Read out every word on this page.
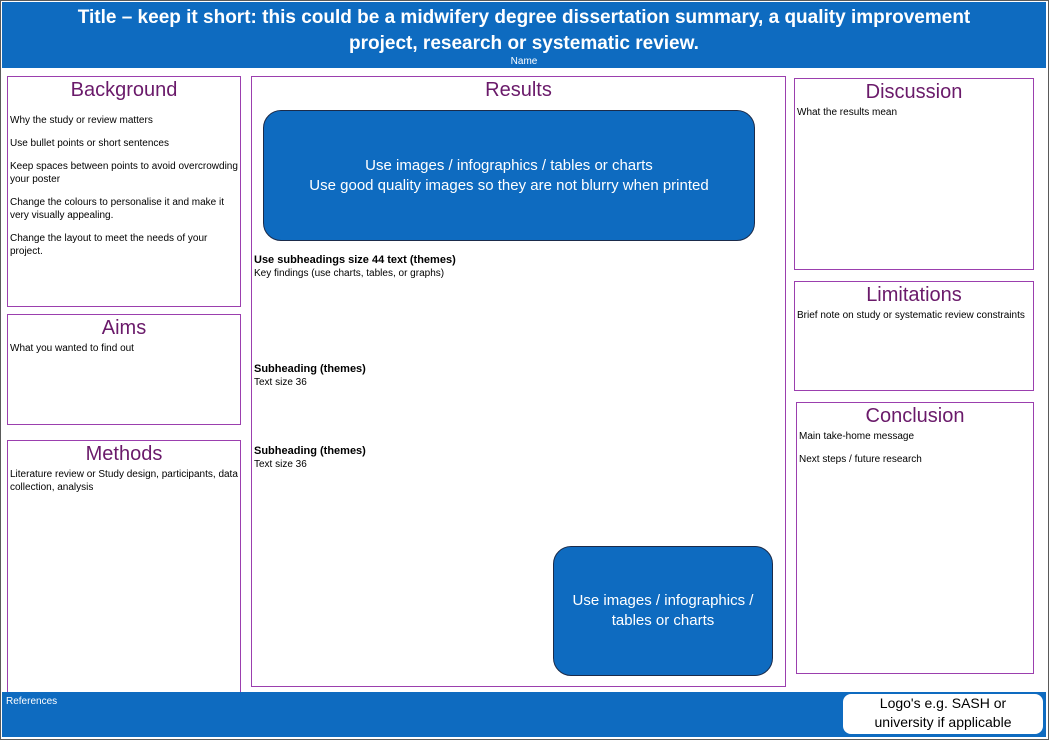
Title – keep it short: this could be a midwifery degree dissertation summary, a quality improvement
project, research or systematic review.
Name
Background

Why the study or review matters

Use bullet points or short sentences

Keep spaces between points to avoid overcrowding your poster

Change the colours to personalise it and make it very visually appealing.

Change the layout to meet the needs of your project.

Aims

What you wanted to find out

Methods

Literature review or Study design, participants, data collection, analysis

Results
Use images / infographics / tables or charts
Use good quality images so they are not blurry when printed
Use subheadings size 44 text (themes)
Key findings (use charts, tables, or graphs)
Subheading (themes)
Text size 36
Subheading (themes)
Text size 36
Use images / infographics /
tables or charts
Discussion

What the results mean

Limitations

Brief note on study or systematic review constraints

Conclusion

Main take-home message

Next steps / future research

References	Logo's e.g. SASH or
university if applicable
